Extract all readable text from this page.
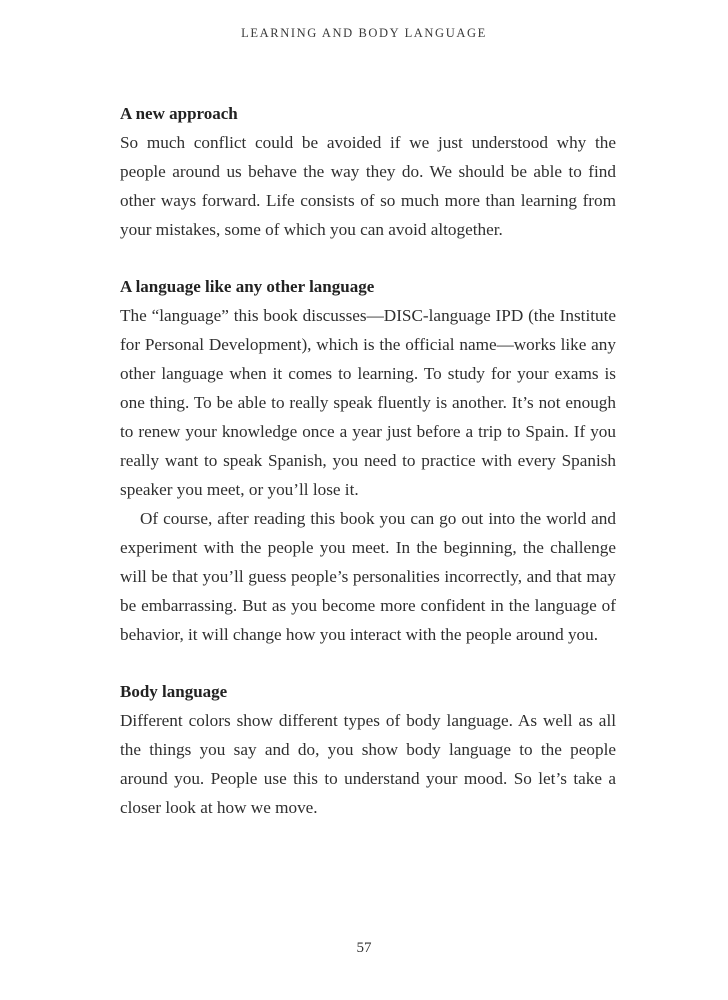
LEARNING AND BODY LANGUAGE
A new approach

So much conflict could be avoided if we just understood why the people around us behave the way they do. We should be able to find other ways forward. Life consists of so much more than learning from your mistakes, some of which you can avoid altogether.

A language like any other language

The “language” this book discusses—DISC-language IPD (the Institute for Personal Development), which is the official name—works like any other language when it comes to learning. To study for your exams is one thing. To be able to really speak fluently is another. It’s not enough to renew your knowledge once a year just before a trip to Spain. If you really want to speak Spanish, you need to practice with every Spanish speaker you meet, or you’ll lose it.

Of course, after reading this book you can go out into the world and experiment with the people you meet. In the beginning, the challenge will be that you’ll guess people’s personalities incorrectly, and that may be embarrassing. But as you become more confident in the language of behavior, it will change how you interact with the people around you.

Body language

Different colors show different types of body language. As well as all the things you say and do, you show body language to the people around you. People use this to understand your mood. So let’s take a closer look at how we move.

57
